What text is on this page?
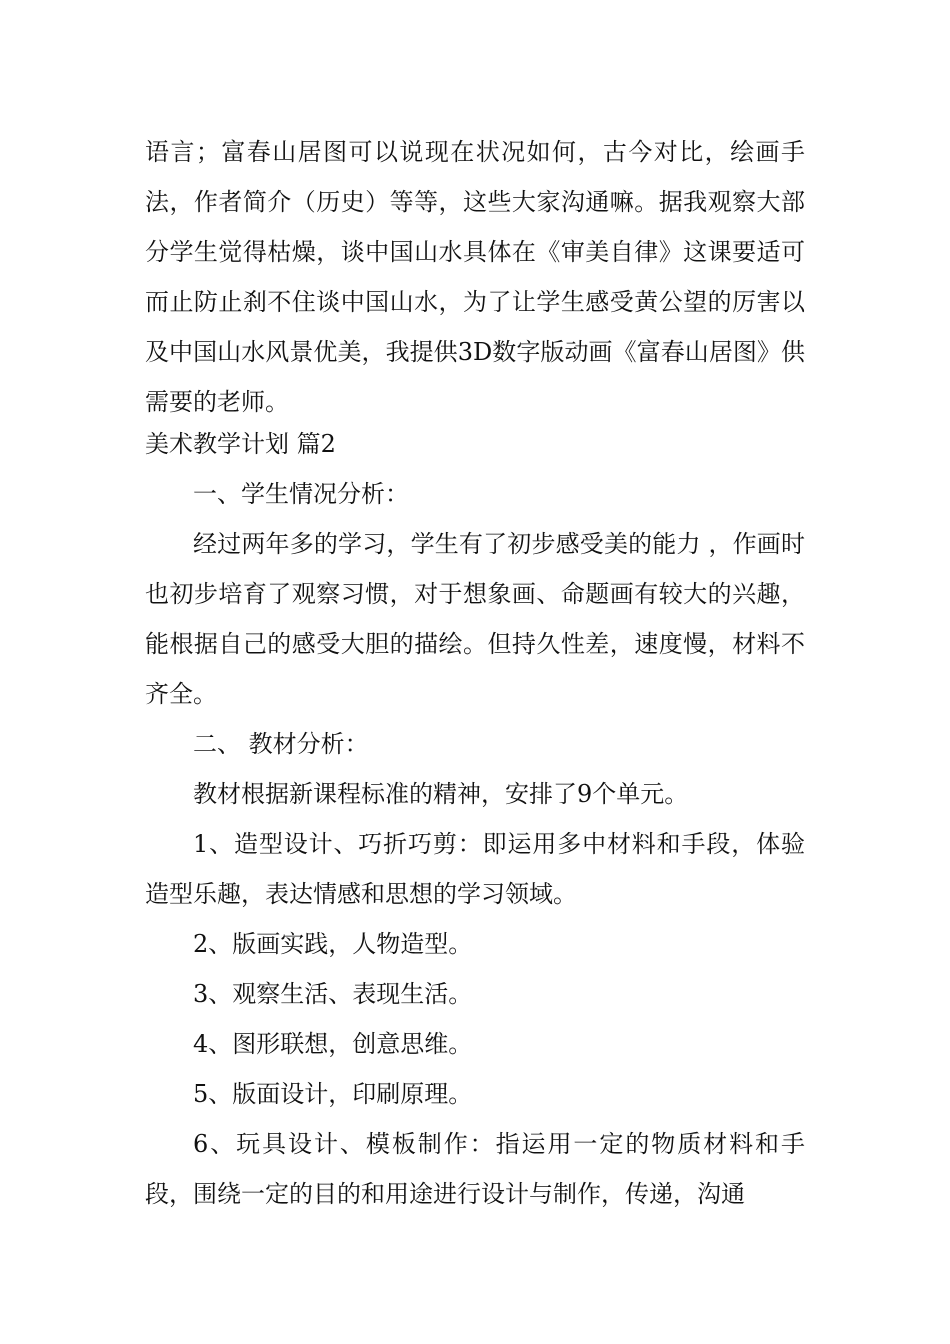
语言；富春山居图可以说现在状况如何，古今对比，绘画手法，作者简介（历史）等等，这些大家沟通嘛。据我观察大部分学生觉得枯燥，谈中国山水具体在《审美自律》这课要适可而止防止刹不住谈中国山水，为了让学生感受黄公望的厉害以及中国山水风景优美，我提供3D数字版动画《富春山居图》供需要的老师。

美术教学计划 篇2

一、学生情况分析：

经过两年多的学习，学生有了初步感受美的能力 ，作画时也初步培育了观察习惯，对于想象画、命题画有较大的兴趣，能根据自己的感受大胆的描绘。但持久性差，速度慢，材料不齐全。

二、 教材分析：

教材根据新课程标准的精神，安排了9个单元。

1、造型设计、巧折巧剪：即运用多中材料和手段，体验造型乐趣，表达情感和思想的学习领域。

2、版画实践，人物造型。

3、观察生活、表现生活。

4、图形联想，创意思维。

5、版面设计，印刷原理。

6、玩具设计、模板制作：指运用一定的物质材料和手段，围绕一定的目的和用途进行设计与制作，传递，沟通
